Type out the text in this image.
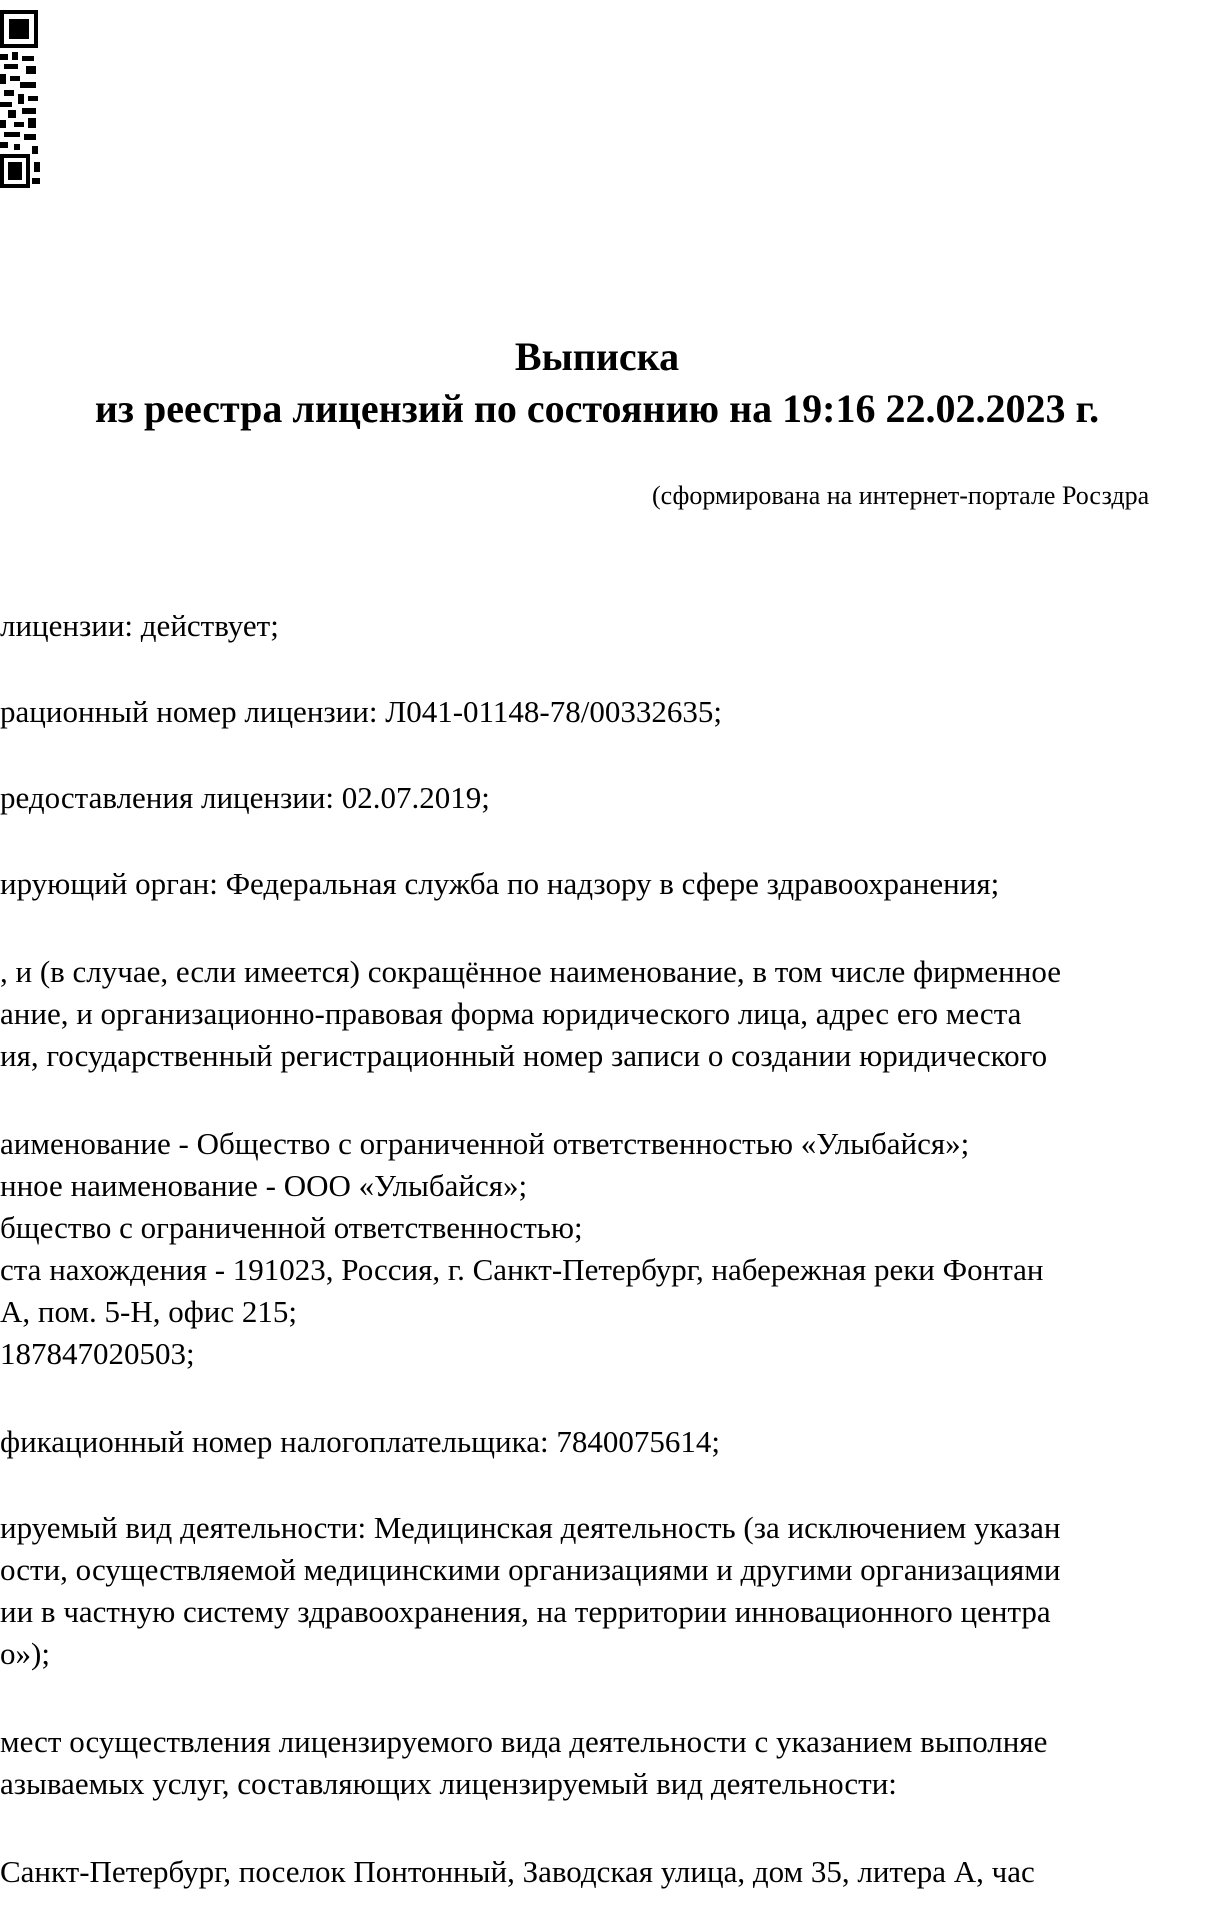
Выписка
из реестра лицензий по состоянию на 19:16 22.02.2023 г.
(сформирована на интернет-портале Росздра
лицензии: действует;
рационный номер лицензии: Л041-01148-78/00332635;
редоставления лицензии: 02.07.2019;
ирующий орган: Федеральная служба по надзору в сфере здравоохранения;
, и (в случае, если имеется) сокращённое наименование, в том числе фирменное
ание, и организационно-правовая форма юридического лица, адрес его места
ия, государственный регистрационный номер записи о создании юридического
аименование - Общество с ограниченной ответственностью «Улыбайся»;
нное наименование - ООО «Улыбайся»;
бщество с ограниченной ответственностью;
ста нахождения - 191023, Россия, г. Санкт-Петербург, набережная реки Фонтан
А, пом. 5-Н, офис 215;
187847020503;
фикационный номер налогоплательщика: 7840075614;
ируемый вид деятельности: Медицинская деятельность (за исключением указан
ости, осуществляемой медицинскими организациями и другими организациями
ии в частную систему здравоохранения, на территории инновационного центра
о»);
мест осуществления лицензируемого вида деятельности с указанием выполняе
азываемых услуг, составляющих лицензируемый вид деятельности:
Санкт-Петербург, поселок Понтонный, Заводская улица, дом 35, литера А, час
